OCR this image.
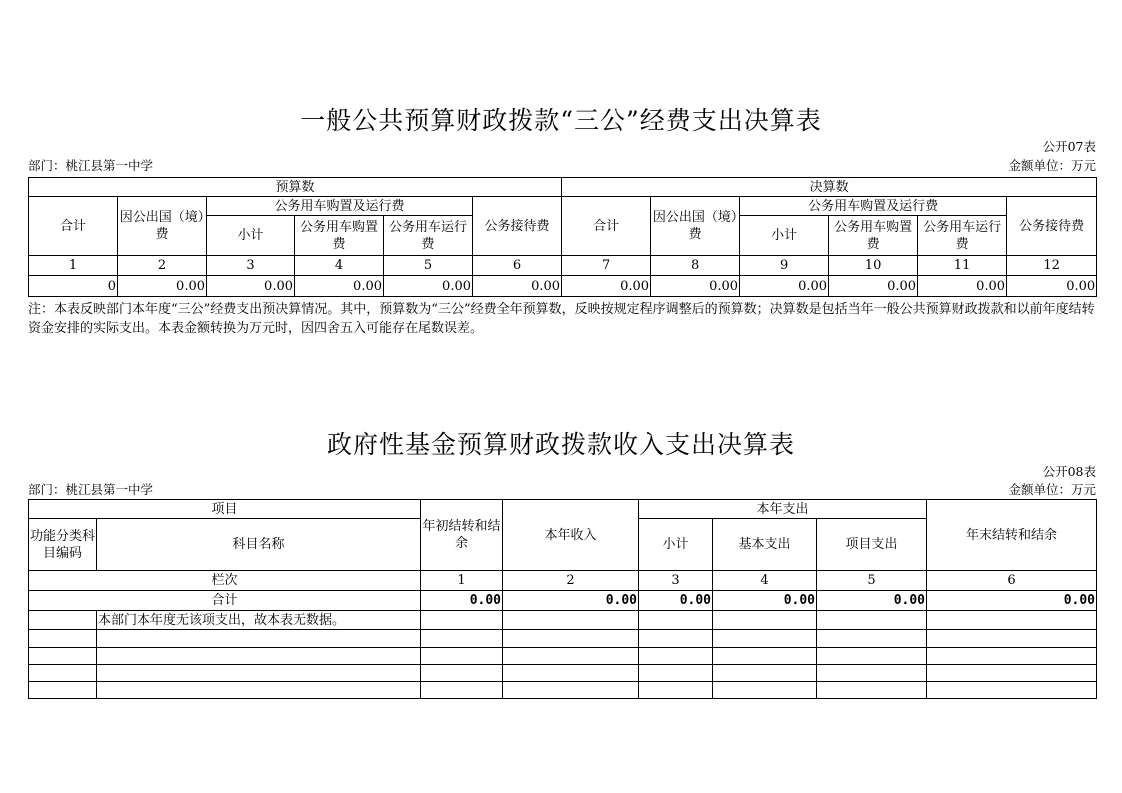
一般公共预算财政拨款“三公”经费支出决算表
公开07表
部门：桃江县第一中学	金额单位：万元
预算数						决算数					
合计	因公出国（境）费	公务用车购置及运行费			公务接待费	合计	因公出国（境）费	公务用车购置及运行费			公务接待费
		小计	公务用车购置费	公务用车运行费				小计	公务用车购置费	公务用车运行费	
1	2	3	4	5	6	7	8	9	10	11	12
0	0.00	0.00	0.00	0.00	0.00	0.00	0.00	0.00	0.00	0.00	0.00
注：本表反映部门本年度“三公”经费支出预决算情况。其中，预算数为“三公”经费全年预算数，反映按规定程序调整后的预算数；决算数是包括当年一般公共预算财政拨款和以前年度结转资金安排的实际支出。本表金额转换为万元时，因四舍五入可能存在尾数误差。
政府性基金预算财政拨款收入支出决算表
公开08表
部门：桃江县第一中学	金额单位：万元
项目		年初结转和结余	本年收入	本年支出			年末结转和结余
功能分类科目编码	科目名称			小计	基本支出	项目支出	
栏次		1	2	3	4	5	6
合计		0.00	0.00	0.00	0.00	0.00	0.00
	本部门本年度无该项支出，故本表无数据。						
